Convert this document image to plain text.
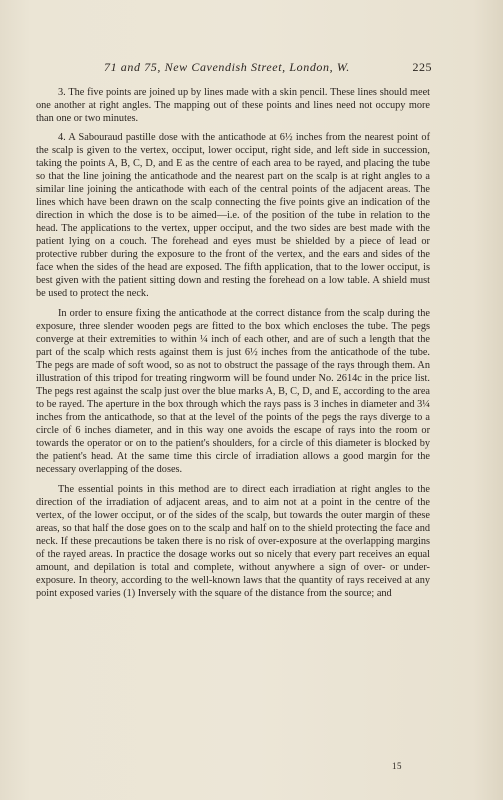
71 and 75, New Cavendish Street, London, W.	225

3. The five points are joined up by lines made with a skin pencil. These lines should meet one another at right angles. The mapping out of these points and lines need not occupy more than one or two minutes.

4. A Sabouraud pastille dose with the anticathode at 6½ inches from the nearest point of the scalp is given to the vertex, occiput, lower occiput, right side, and left side in succession, taking the points A, B, C, D, and E as the centre of each area to be rayed, and placing the tube so that the line joining the anticathode and the nearest part on the scalp is at right angles to a similar line joining the anticathode with each of the central points of the adjacent areas. The lines which have been drawn on the scalp connecting the five points give an indication of the direction in which the dose is to be aimed—i.e. of the position of the tube in relation to the head. The applications to the vertex, upper occiput, and the two sides are best made with the patient lying on a couch. The forehead and eyes must be shielded by a piece of lead or protective rubber during the exposure to the front of the vertex, and the ears and sides of the face when the sides of the head are exposed. The fifth application, that to the lower occiput, is best given with the patient sitting down and resting the forehead on a low table. A shield must be used to protect the neck.

In order to ensure fixing the anticathode at the correct distance from the scalp during the exposure, three slender wooden pegs are fitted to the box which encloses the tube. The pegs converge at their extremities to within ¼ inch of each other, and are of such a length that the part of the scalp which rests against them is just 6½ inches from the anticathode of the tube. The pegs are made of soft wood, so as not to obstruct the passage of the rays through them. An illustration of this tripod for treating ringworm will be found under No. 2614c in the price list. The pegs rest against the scalp just over the blue marks A, B, C, D, and E, according to the area to be rayed. The aperture in the box through which the rays pass is 3 inches in diameter and 3¼ inches from the anticathode, so that at the level of the points of the pegs the rays diverge to a circle of 6 inches diameter, and in this way one avoids the escape of rays into the room or towards the operator or on to the patient's shoulders, for a circle of this diameter is blocked by the patient's head. At the same time this circle of irradiation allows a good margin for the necessary overlapping of the doses.

The essential points in this method are to direct each irradiation at right angles to the direction of the irradiation of adjacent areas, and to aim not at a point in the centre of the vertex, of the lower occiput, or of the sides of the scalp, but towards the outer margin of these areas, so that half the dose goes on to the scalp and half on to the shield protecting the face and neck. If these precautions be taken there is no risk of over-exposure at the overlapping margins of the rayed areas. In practice the dosage works out so nicely that every part receives an equal amount, and depilation is total and complete, without anywhere a sign of over- or under-exposure. In theory, according to the well-known laws that the quantity of rays received at any point exposed varies (1) Inversely with the square of the distance from the source; and

15
